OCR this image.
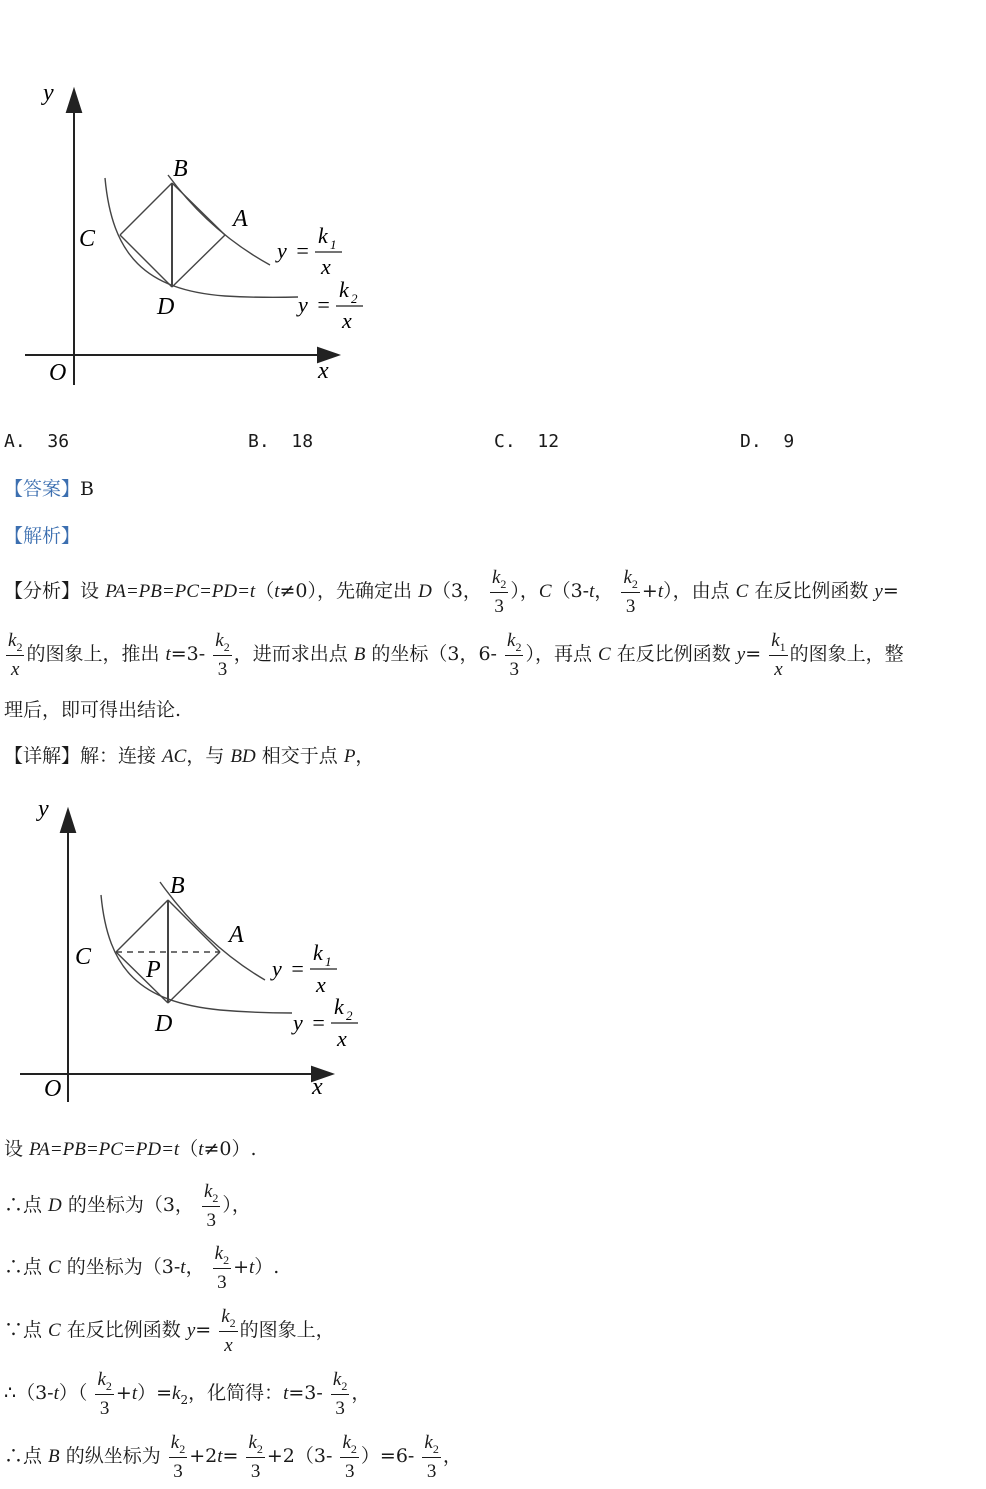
y
x
O
B
A
C
D
y =
k 1
x
y =
k 2
x
A. 36	B. 18	C. 12	D. 9
【答案】B
【解析】
【分析】设 PA=PB=PC=PD=t（t≠0），先确定出 D（3， $\frac{k_2}{3}$ ），C（3-t， $\frac{k_2}{3} +t$），由点 C 在反比例函数 y=
$\frac{k_2}{x}$ 的图象上，推出 $t=3- \frac{k_2}{3}$ ，进而求出点 B 的坐标（3，$6- \frac{k_2}{3}$ ），再点 C 在反比例函数 $y= \frac{k_1}{x}$ 的图象上，整
理后，即可得出结论.
【详解】解：连接 AC，与 BD 相交于点 P，
y
x
O
B
A
C P
D
y =
k 1
x
y =
k 2
x
设 PA=PB=PC=PD=t（t≠0）.
∴点 D 的坐标为（3， $\frac{k_2}{3}$ ），
∴点 C 的坐标为（3-t， $\frac{k_2}{3} +t$）.
∵点 C 在反比例函数 $y= \frac{k_2}{x}$ 的图象上，
∴（3-t）（ $\frac{k_2}{3} +t)=k_2$，化简得：$t=3- \frac{k_2}{3}$ ，
∴点 B 的纵坐标为 $\frac{k_2}{3} +2t= \frac{k_2}{3} +2(3- \frac{k_2}{3} )=6- \frac{k_2}{3}$ ，
